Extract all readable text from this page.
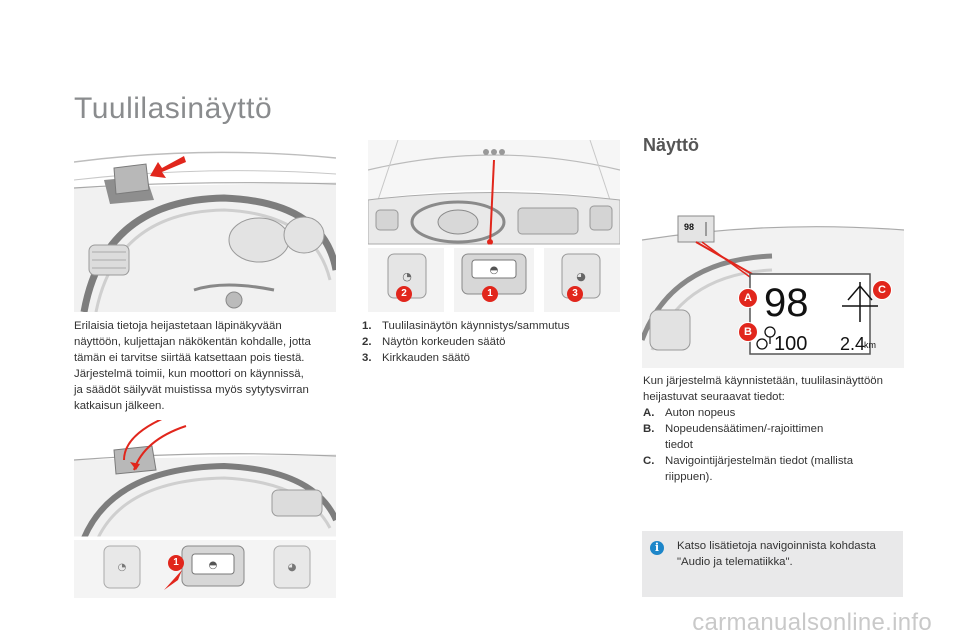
Tuulilasinäyttö
Erilaisia tietoja heijastetaan läpinäkyvään
näyttöön, kuljettajan näkökentän kohdalle, jotta
tämän ei tarvitse siirtää katsettaan pois tiestä.
Järjestelmä toimii, kun moottori on käynnissä,
ja säädöt säilyvät muistissa myös sytytysvirran
katkaisun jälkeen.
◔	◓	◕
1
◔	◓	◕
2	1	3
1. Tuulilasinäytön käynnistys/sammutus
2. Näytön korkeuden säätö
3. Kirkkauden säätö
Näyttö
98
98
100 2.4
km
A
B
C
Kun järjestelmä käynnistetään, tuulilasinäyttöön
heijastuvat seuraavat tiedot:
A. Auton nopeus
B. Nopeudensäätimen/-rajoittimen
tiedot
C. Navigointijärjestelmän tiedot (mallista
riippuen).
i	Katso lisätietoja navigoinnista kohdasta
"Audio ja telematiikka".
carmanualsonline.info
